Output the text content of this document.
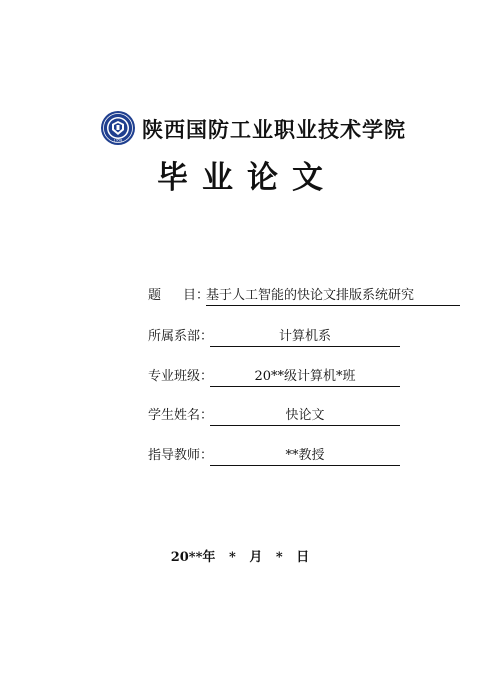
1958 陕西国防工业职业技术学院
毕业论文
题 目：
基于人工智能的快论文排版系统研究
所属系部：	计算机系
专业班级：	20**级计算机*班
学生姓名：	快论文
指导教师：	**教授
20**年   *   月   *   日
